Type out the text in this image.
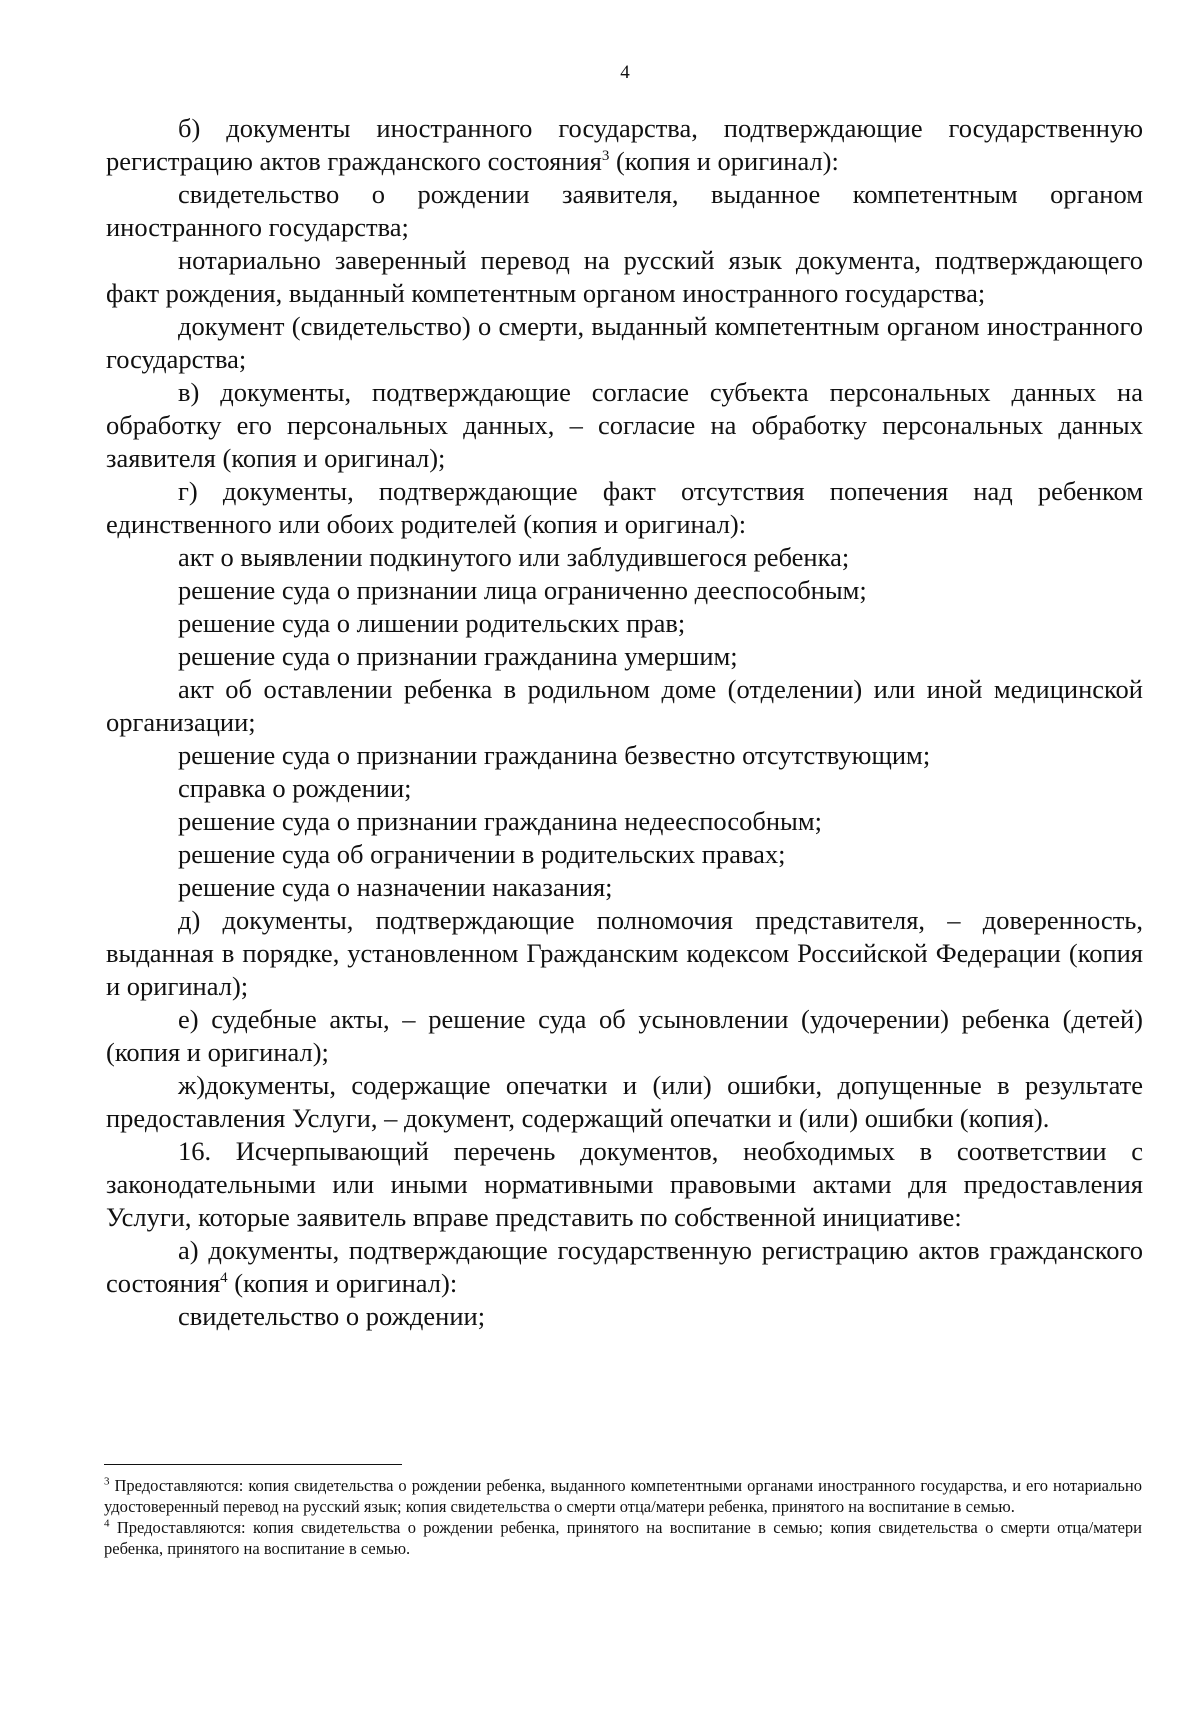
4

б) документы иностранного государства, подтверждающие государственную регистрацию актов гражданского состояния$^3$ (копия и оригинал):

свидетельство о рождении заявителя, выданное компетентным органом иностранного государства;

нотариально заверенный перевод на русский язык документа, подтверждающего факт рождения, выданный компетентным органом иностранного государства;

документ (свидетельство) о смерти, выданный компетентным органом иностранного государства;

в) документы, подтверждающие согласие субъекта персональных данных на обработку его персональных данных, – согласие на обработку персональных данных заявителя (копия и оригинал);

г) документы, подтверждающие факт отсутствия попечения над ребенком единственного или обоих родителей (копия и оригинал):

акт о выявлении подкинутого или заблудившегося ребенка;

решение суда о признании лица ограниченно дееспособным;

решение суда о лишении родительских прав;

решение суда о признании гражданина умершим;

акт об оставлении ребенка в родильном доме (отделении) или иной медицинской организации;

решение суда о признании гражданина безвестно отсутствующим;

справка о рождении;

решение суда о признании гражданина недееспособным;

решение суда об ограничении в родительских правах;

решение суда о назначении наказания;

д) документы, подтверждающие полномочия представителя, – доверенность, выданная в порядке, установленном Гражданским кодексом Российской Федерации (копия и оригинал);

е) судебные акты, – решение суда об усыновлении (удочерении) ребенка (детей) (копия и оригинал);

ж)документы, содержащие опечатки и (или) ошибки, допущенные в результате предоставления Услуги, – документ, содержащий опечатки и (или) ошибки (копия).

16. Исчерпывающий перечень документов, необходимых в соответствии с законодательными или иными нормативными правовыми актами для предоставления Услуги, которые заявитель вправе представить по собственной инициативе:

а) документы, подтверждающие государственную регистрацию актов гражданского состояния$^4$ (копия и оригинал):

свидетельство о рождении;

$^3$ Предоставляются: копия свидетельства о рождении ребенка, выданного компетентными органами иностранного государства, и его нотариально удостоверенный перевод на русский язык; копия свидетельства о смерти отца/матери ребенка, принятого на воспитание в семью.

$^4$ Предоставляются: копия свидетельства о рождении ребенка, принятого на воспитание в семью; копия свидетельства о смерти отца/матери ребенка, принятого на воспитание в семью.
